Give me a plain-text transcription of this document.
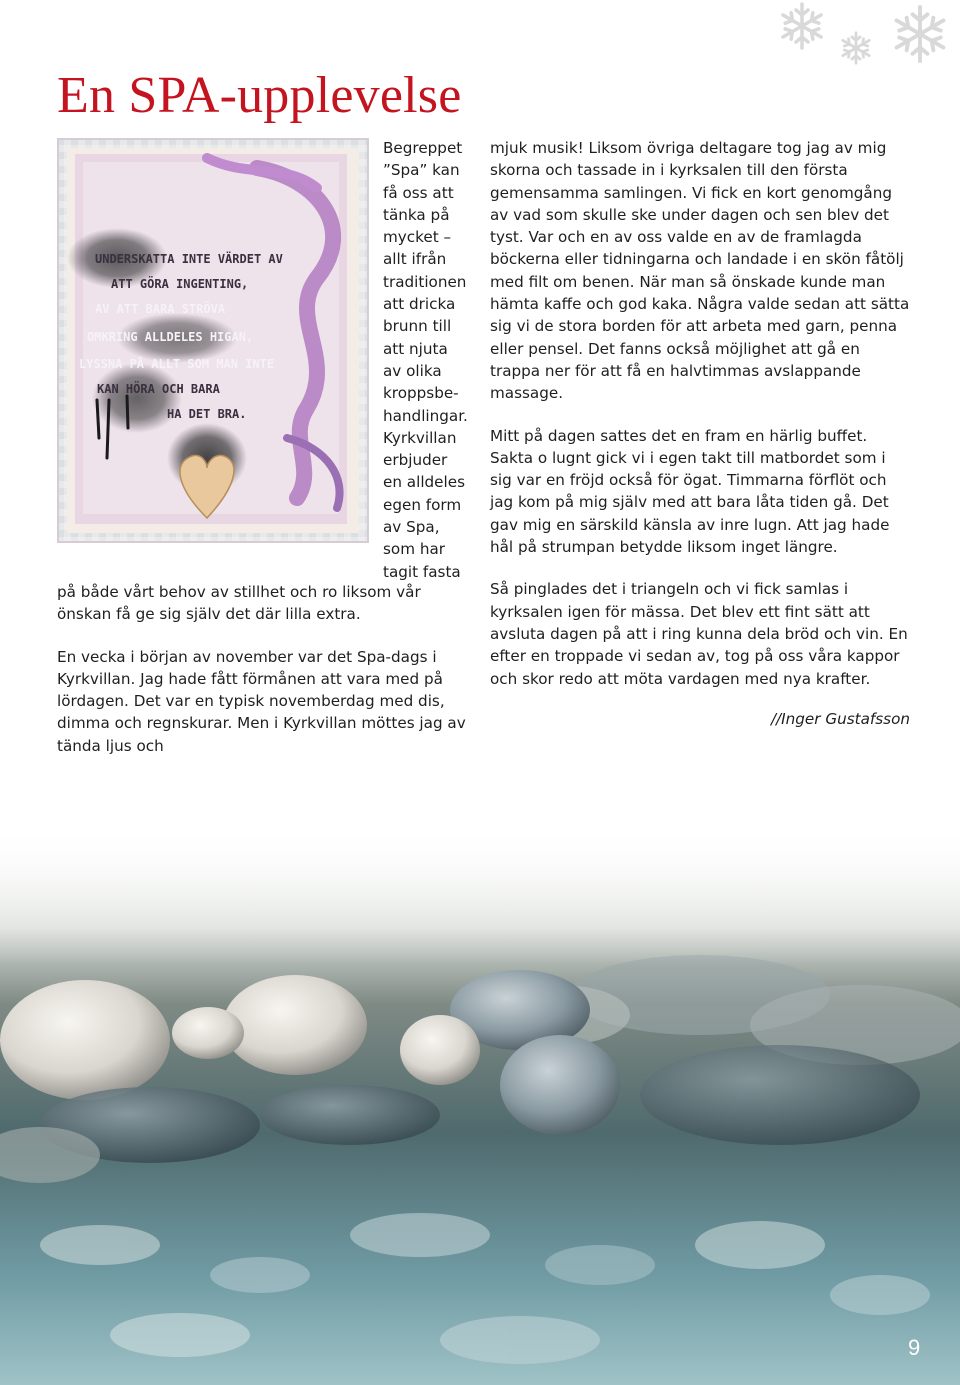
En SPA-upplevelse
UNDERSKATTA INTE VÄRDET AV
ATT GÖRA INGENTING,
AV ATT BARA STRÖVA
OMKRING ALLDELES HIGAN,
LYSSNA PÅ ALLT SOM MAN INTE
KAN HÖRA OCH BARA
HA DET BRA.
Begreppet
”Spa” kan
få oss att
tänka på
mycket –
allt ifrån
traditionen
att dricka
brunn till
att njuta
av olika
kroppsbe-
handlingar.
Kyrkvillan
erbjuder
en alldeles
egen form
av Spa,
som har
tagit fasta

på både vårt behov av stillhet och ro liksom vår önskan få ge sig själv det där lilla extra.

En vecka i början av november var det Spa-dags i Kyrkvillan. Jag hade fått förmånen att vara med på lördagen. Det var en typisk novemberdag med dis, dimma och regnskurar. Men i Kyrkvillan möttes jag av tända ljus och

mjuk musik! Liksom övriga deltagare tog jag av mig skorna och tassade in i kyrksalen till den första gemensamma samlingen. Vi fick en kort genomgång av vad som skulle ske under dagen och sen blev det tyst. Var och en av oss valde en av de framlagda böckerna eller tidningarna och landade i en skön fåtölj med filt om benen. När man så önskade kunde man hämta kaffe och god kaka. Några valde sedan att sätta sig vi de stora borden för att arbeta med garn, penna eller pensel. Det fanns också möjlighet att gå en trappa ner för att få en halvtimmas avslappande massage.

Mitt på dagen sattes det en fram en härlig buffet. Sakta o lugnt gick vi i egen takt till matbordet som i sig var en fröjd också för ögat. Timmarna förflöt och jag kom på mig själv med att bara låta tiden gå. Det gav mig en särskild känsla av inre lugn. Att jag hade hål på strumpan betydde liksom inget längre.

Så pinglades det i triangeln och vi fick samlas i kyrksalen igen för mässa. Det blev ett fint sätt att avsluta dagen på att i ring kunna dela bröd och vin. En efter en troppade vi sedan av, tog på oss våra kappor och skor redo att möta vardagen med nya krafter.

//Inger Gustafsson

9
